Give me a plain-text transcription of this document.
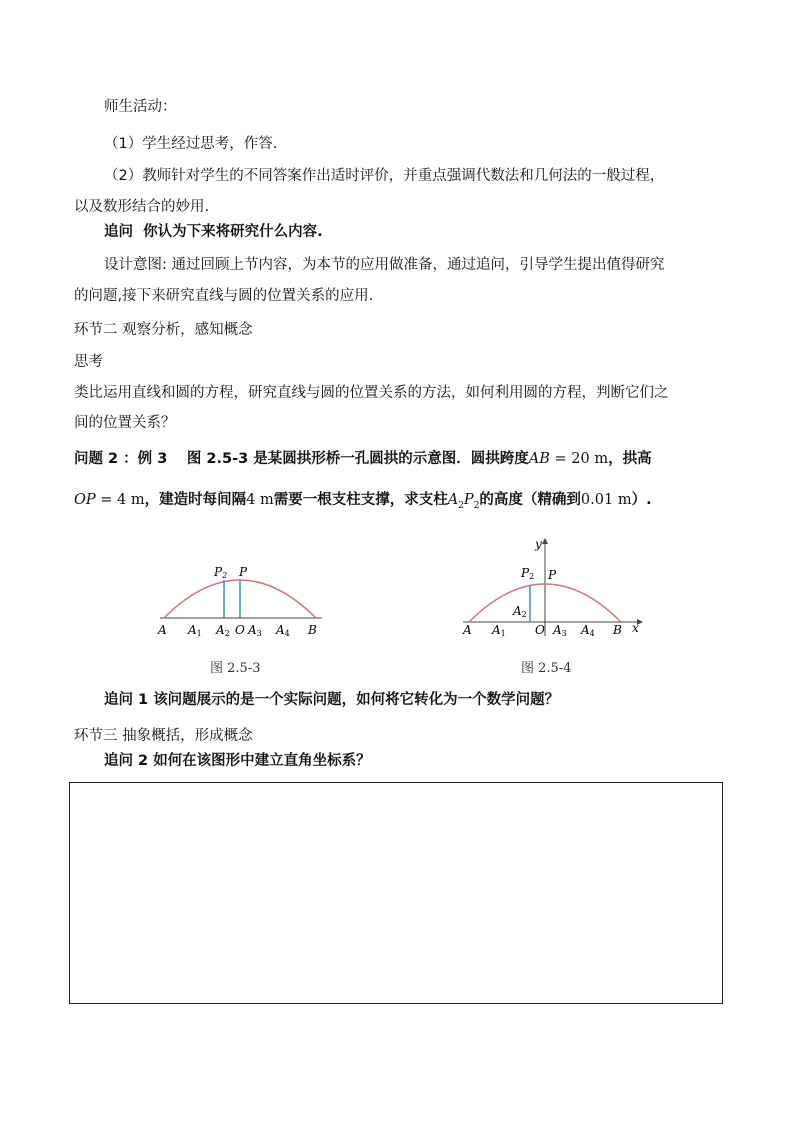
师生活动：
（1）学生经过思考，作答.
（2）教师针对学生的不同答案作出适时评价，并重点强调代数法和几何法的一般过程，
以及数形结合的妙用.
追问 你认为下来将研究什么内容.
设计意图: 通过回顾上节内容，为本节的应用做准备，通过追问，引导学生提出值得研究
的问题,接下来研究直线与圆的位置关系的应用.
环节二 观察分析，感知概念
思考
类比运用直线和圆的方程，研究直线与圆的位置关系的方法，如何利用圆的方程，判断它们之
间的位置关系？
问题 2 ：例 3　 图 2.5-3 是某圆拱形桥一孔圆拱的示意图．圆拱跨度AB = 20 m，拱高
OP = 4 m，建造时每间隔4 m需要一根支柱支撑，求支柱$A_2P_2$的高度（精确到0.01 m）.
P2 P
A A1 A2 O A3 A4 B
图 2.5-3
y
x
P2 P
A2
A A1 O A3 A4 B
图 2.5-4
追问 1 该问题展示的是一个实际问题，如何将它转化为一个数学问题？
环节三 抽象概括，形成概念
追问 2 如何在该图形中建立直角坐标系？
